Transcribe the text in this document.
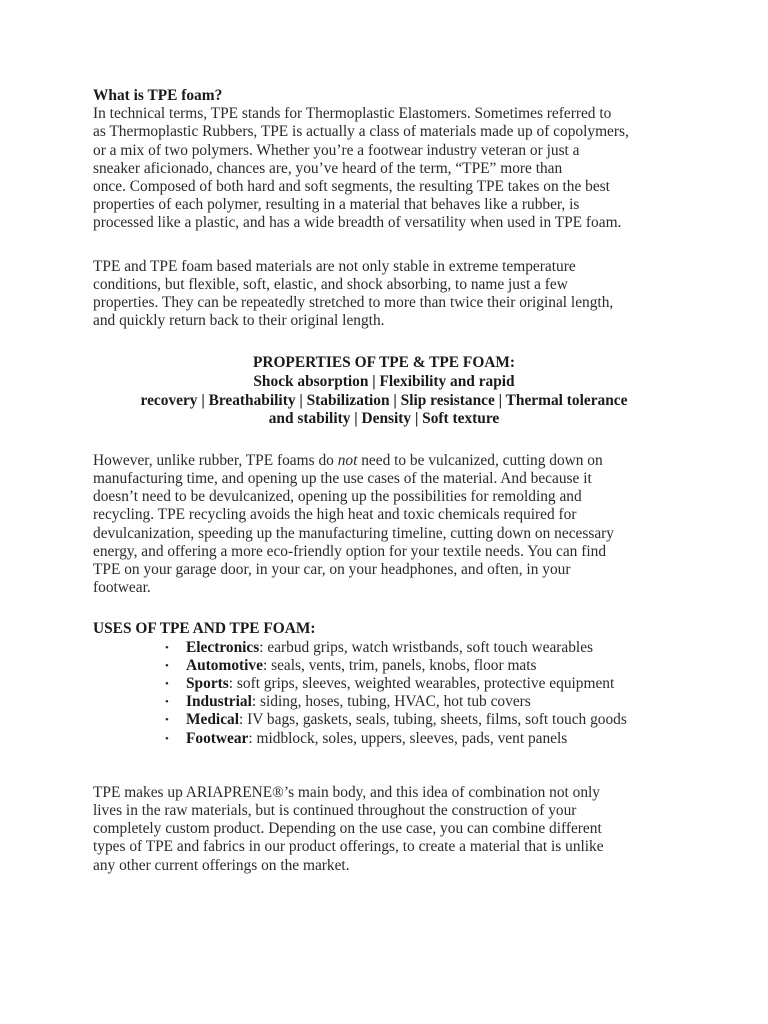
What is TPE foam?
In technical terms, TPE stands for Thermoplastic Elastomers. Sometimes referred to
as Thermoplastic Rubbers, TPE is actually a class of materials made up of copolymers,
or a mix of two polymers. Whether you’re a footwear industry veteran or just a
sneaker aficionado, chances are, you’ve heard of the term, “TPE” more than
once. Composed of both hard and soft segments, the resulting TPE takes on the best
properties of each polymer, resulting in a material that behaves like a rubber, is
processed like a plastic, and has a wide breadth of versatility when used in TPE foam.
TPE and TPE foam based materials are not only stable in extreme temperature
conditions, but flexible, soft, elastic, and shock absorbing, to name just a few
properties. They can be repeatedly stretched to more than twice their original length,
and quickly return back to their original length.
PROPERTIES OF TPE & TPE FOAM:
Shock absorption | Flexibility and rapid
recovery | Breathability | Stabilization | Slip resistance | Thermal tolerance
and stability | Density | Soft texture
However, unlike rubber, TPE foams do not need to be vulcanized, cutting down on
manufacturing time, and opening up the use cases of the material. And because it
doesn’t need to be devulcanized, opening up the possibilities for remolding and
recycling. TPE recycling avoids the high heat and toxic chemicals required for
devulcanization, speeding up the manufacturing timeline, cutting down on necessary
energy, and offering a more eco-friendly option for your textile needs. You can find
TPE on your garage door, in your car, on your headphones, and often, in your
footwear.
USES OF TPE AND TPE FOAM:
• Electronics: earbud grips, watch wristbands, soft touch wearables
• Automotive: seals, vents, trim, panels, knobs, floor mats
• Sports: soft grips, sleeves, weighted wearables, protective equipment
• Industrial: siding, hoses, tubing, HVAC, hot tub covers
• Medical: IV bags, gaskets, seals, tubing, sheets, films, soft touch goods
• Footwear: midblock, soles, uppers, sleeves, pads, vent panels
TPE makes up ARIAPRENE®’s main body, and this idea of combination not only
lives in the raw materials, but is continued throughout the construction of your
completely custom product. Depending on the use case, you can combine different
types of TPE and fabrics in our product offerings, to create a material that is unlike
any other current offerings on the market.
